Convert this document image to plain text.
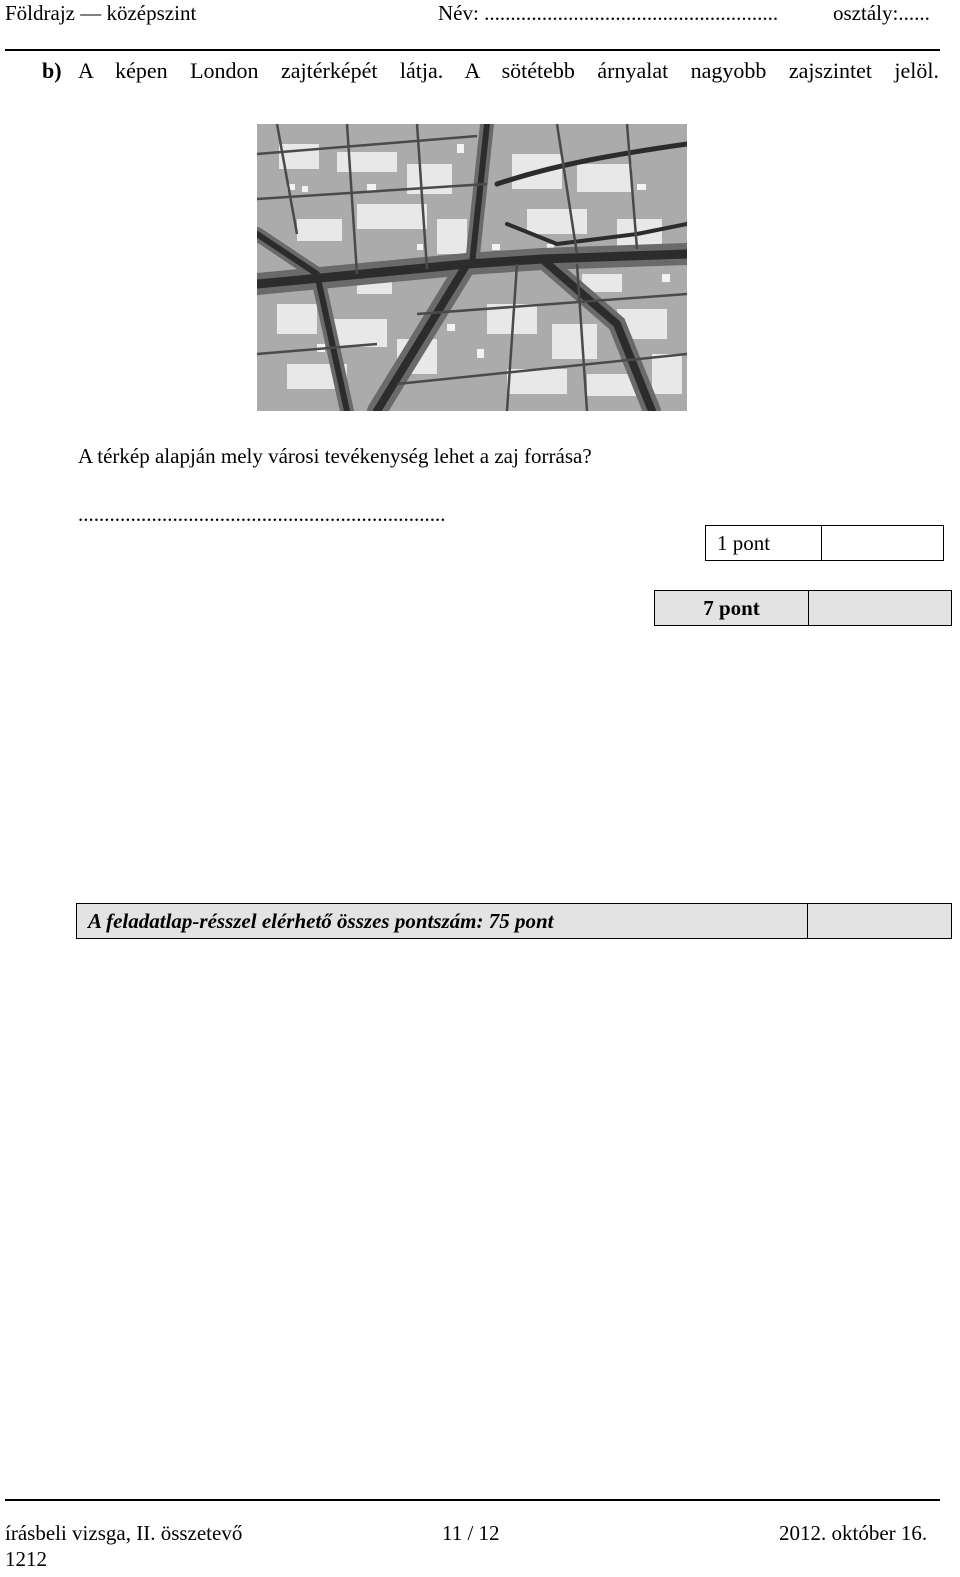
Földrajz — középszint	Név: ........................................................	osztály:......
b) A képen London zajtérképét látja. A sötétebb árnyalat nagyobb zajszintet jelöl.
A térkép alapján mely városi tevékenység lehet a zaj forrása?
......................................................................
1 pont
7 pont
A feladatlap-résszel elérhető összes pontszám: 75 pont
írásbeli vizsga, II. összetevő
1212
11 / 12	2012. október 16.
